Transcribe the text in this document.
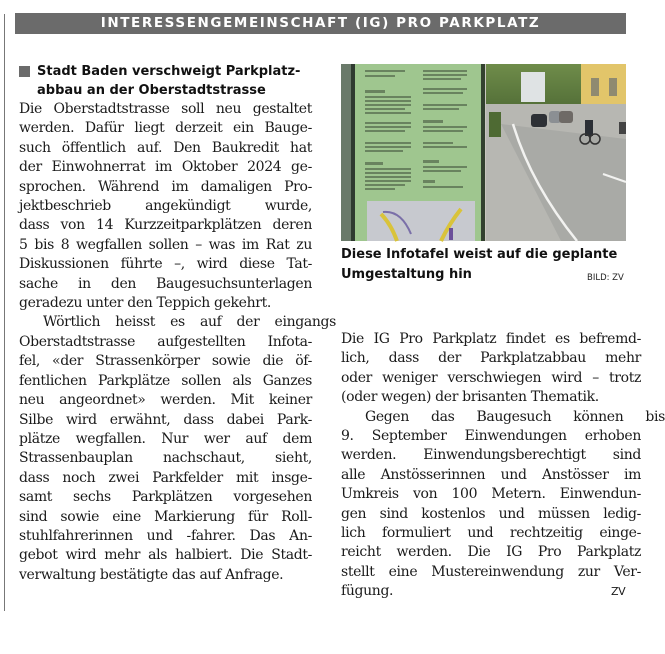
INTERESSENGEMEINSCHAFT (IG) PRO PARKPLATZ
Stadt Baden verschweigt Parkplatz-
abbau an der Oberstadtstrasse

Die Oberstadtstrasse soll neu gestaltet
werden. Dafür liegt derzeit ein Bauge-
such öffentlich auf. Den Baukredit hat
der Einwohnerrat im Oktober 2024 ge-
sprochen. Während im damaligen Pro-
jektbeschrieb angekündigt wurde,
dass von 14 Kurzzeitparkplätzen deren
5 bis 8 wegfallen sollen – was im Rat zu
Diskussionen führte –, wird diese Tat-
sache in den Baugesuchsunterlagen
geradezu unter den Teppich gekehrt.

Wörtlich heisst es auf der eingangs
Oberstadtstrasse aufgestellten Infota-
fel, «der Strassenkörper sowie die öf-
fentlichen Parkplätze sollen als Ganzes
neu angeordnet» werden. Mit keiner
Silbe wird erwähnt, dass dabei Park-
plätze wegfallen. Nur wer auf dem
Strassenbauplan nachschaut, sieht,
dass noch zwei Parkfelder mit insge-
samt sechs Parkplätzen vorgesehen
sind sowie eine Markierung für Roll-
stuhlfahrerinnen und -fahrer. Das An-
gebot wird mehr als halbiert. Die Stadt-
verwaltung bestätigte das auf Anfrage.

Diese Infotafel weist auf die geplante
Umgestaltung hin	BILD: ZV

Die IG Pro Parkplatz findet es befremd-
lich, dass der Parkplatzabbau mehr
oder weniger verschwiegen wird – trotz
(oder wegen) der brisanten Thematik.

Gegen das Baugesuch können bis
9. September Einwendungen erhoben
werden. Einwendungsberechtigt sind
alle Anstösserinnen und Anstösser im
Umkreis von 100 Metern. Einwendun-
gen sind kostenlos und müssen ledig-
lich formuliert und rechtzeitig einge-
reicht werden. Die IG Pro Parkplatz
stellt eine Mustereinwendung zur Ver-
fügung.	ZV
